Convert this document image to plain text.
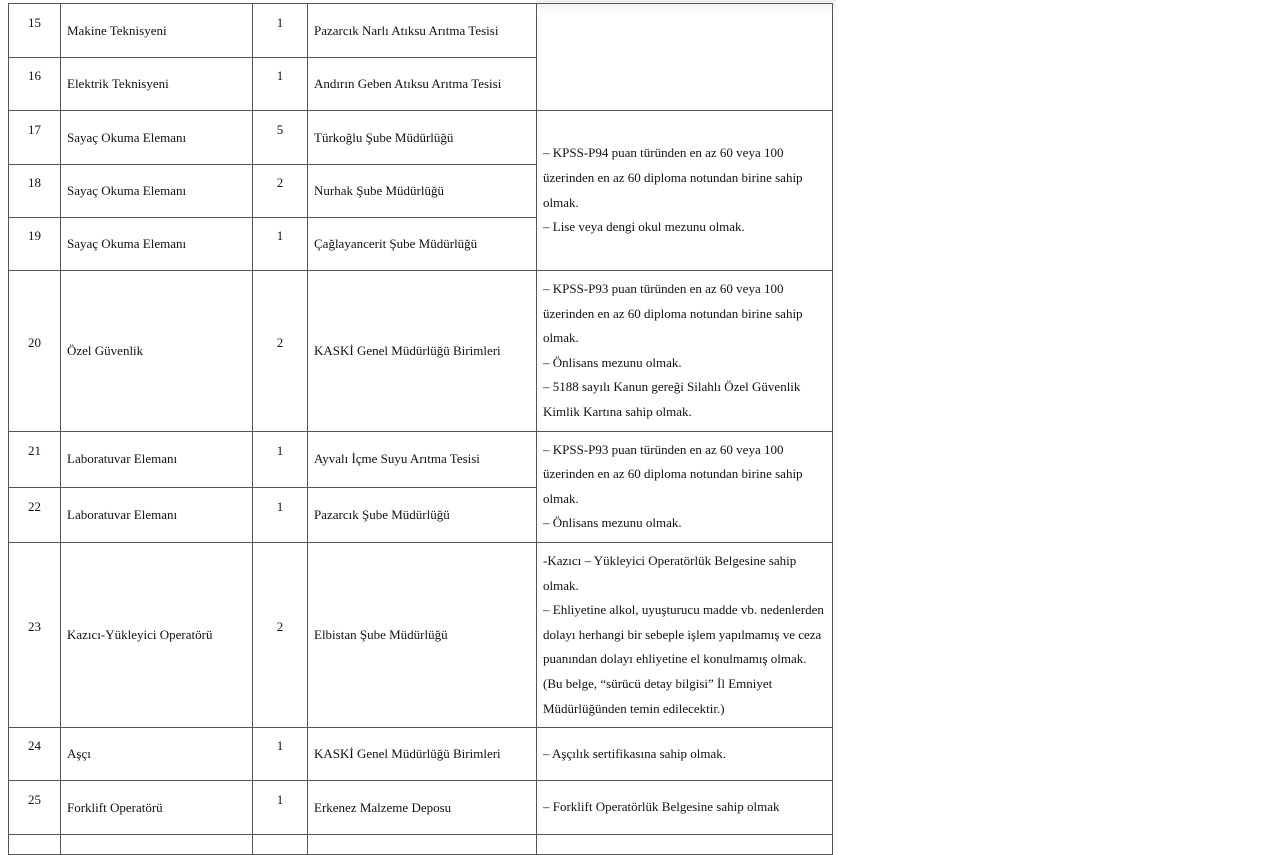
15	Makine Teknisyeni	1	Pazarcık Narlı Atıksu Arıtma Tesisi	
16	Elektrik Teknisyeni	1	Andırın Geben Atıksu Arıtma Tesisi	
17	Sayaç Okuma Elemanı	5	Türkoğlu Şube Müdürlüğü	– KPSS-P94 puan türünden en az 60 veya 100 üzerinden en az 60 diploma notundan birine sahip olmak.
– Lise veya dengi okul mezunu olmak.

18	Sayaç Okuma Elemanı	2	Nurhak Şube Müdürlüğü	
19	Sayaç Okuma Elemanı	1	Çağlayancerit Şube Müdürlüğü	
20	Özel Güvenlik	2	KASKİ Genel Müdürlüğü Birimleri	– KPSS-P93 puan türünden en az 60 veya 100 üzerinden en az 60 diploma notundan birine sahip olmak.
– Önlisans mezunu olmak.
– 5188 sayılı Kanun gereği Silahlı Özel Güvenlik Kimlik Kartına sahip olmak.

21	Laboratuvar Elemanı	1	Ayvalı İçme Suyu Arıtma Tesisi	– KPSS-P93 puan türünden en az 60 veya 100 üzerinden en az 60 diploma notundan birine sahip olmak.
– Önlisans mezunu olmak.

22	Laboratuvar Elemanı	1	Pazarcık Şube Müdürlüğü	
23	Kazıcı-Yükleyici Operatörü	2	Elbistan Şube Müdürlüğü	-Kazıcı – Yükleyici Operatörlük Belgesine sahip olmak.
– Ehliyetine alkol, uyuşturucu madde vb. nedenlerden dolayı herhangi bir sebeple işlem yapılmamış ve ceza puanından dolayı ehliyetine el konulmamış olmak.
(Bu belge, “sürücü detay bilgisi” İl Emniyet Müdürlüğünden temin edilecektir.)

24	Aşçı	1	KASKİ Genel Müdürlüğü Birimleri	– Aşçılık sertifikasına sahip olmak.

25	Forklift Operatörü	1	Erkenez Malzeme Deposu	– Forklift Operatörlük Belgesine sahip olmak
